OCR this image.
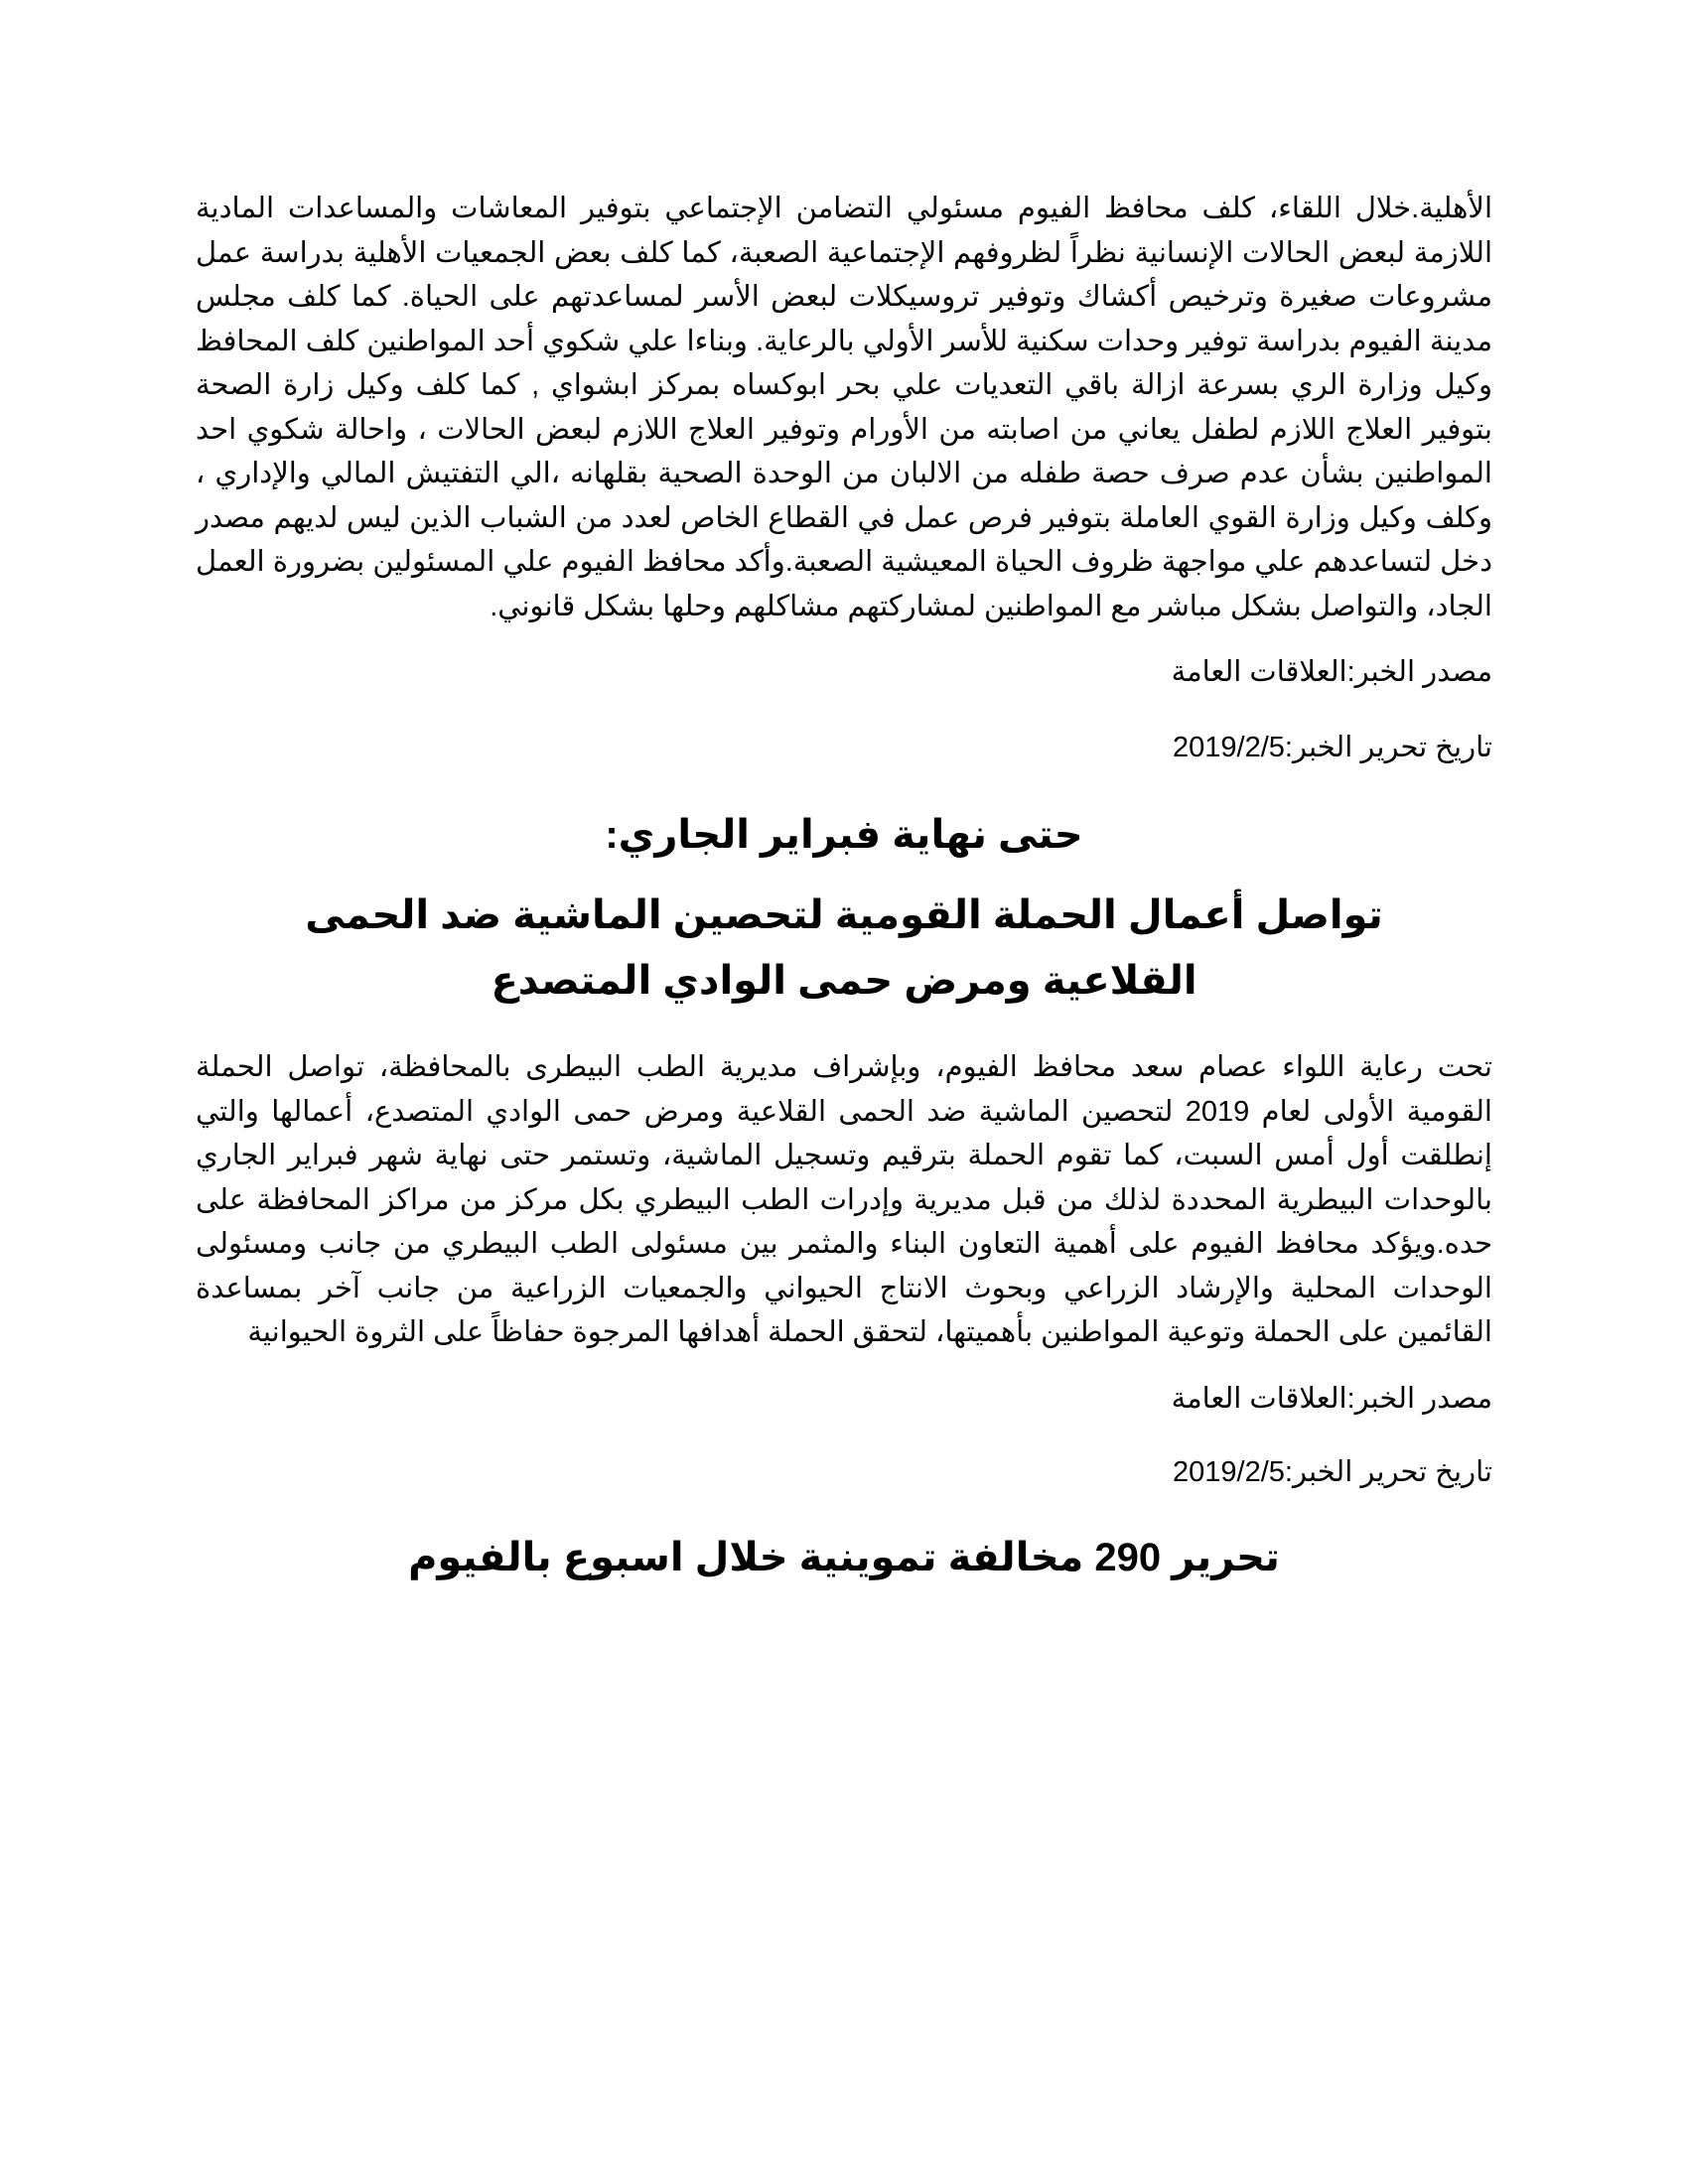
الأهلية.خلال اللقاء، كلف محافظ الفيوم مسئولي التضامن الإجتماعي بتوفير المعاشات والمساعدات المادية اللازمة لبعض الحالات الإنسانية نظراً لظروفهم الإجتماعية الصعبة، كما كلف بعض الجمعيات الأهلية بدراسة عمل مشروعات صغيرة وترخيص أكشاك وتوفير تروسيكلات لبعض الأسر لمساعدتهم على الحياة. كما كلف مجلس مدينة الفيوم بدراسة توفير وحدات سكنية للأسر الأولي بالرعاية. وبناءا علي شكوي أحد المواطنين كلف المحافظ وكيل وزارة الري بسرعة ازالة باقي التعديات علي بحر ابوكساه بمركز ابشواي , كما كلف وكيل زارة الصحة بتوفير العلاج اللازم لطفل يعاني من اصابته من الأورام وتوفير العلاج اللازم لبعض الحالات ، واحالة شكوي احد المواطنين بشأن عدم صرف حصة طفله من الالبان من الوحدة الصحية بقلهانه ،الي التفتيش المالي والإداري ، وكلف وكيل وزارة القوي العاملة بتوفير فرص عمل في القطاع الخاص لعدد من الشباب الذين ليس لديهم مصدر دخل لتساعدهم علي مواجهة ظروف الحياة المعيشية الصعبة.وأكد محافظ الفيوم علي المسئولين بضرورة العمل الجاد، والتواصل بشكل مباشر مع المواطنين لمشاركتهم مشاكلهم وحلها بشكل قانوني.

مصدر الخبر:العلاقات العامة

تاريخ تحرير الخبر:2019/2/5

حتى نهاية فبراير الجاري:
تواصل أعمال الحملة القومية لتحصين الماشية ضد الحمى القلاعية ومرض حمى الوادي المتصدع

تحت رعاية اللواء عصام سعد محافظ الفيوم، وبإشراف مديرية الطب البيطرى بالمحافظة، تواصل الحملة القومية الأولى لعام 2019 لتحصين الماشية ضد الحمى القلاعية ومرض حمى الوادي المتصدع، أعمالها والتي إنطلقت أول أمس السبت، كما تقوم الحملة بترقيم وتسجيل الماشية، وتستمر حتى نهاية شهر فبراير الجاري بالوحدات البيطرية المحددة لذلك من قبل مديرية وإدرات الطب البيطري بكل مركز من مراكز المحافظة على حده.ويؤكد محافظ الفيوم على أهمية التعاون البناء والمثمر بين مسئولى الطب البيطري من جانب ومسئولى الوحدات المحلية والإرشاد الزراعي وبحوث الانتاج الحيواني والجمعيات الزراعية من جانب آخر بمساعدة القائمين على الحملة وتوعية المواطنين بأهميتها، لتحقق الحملة أهدافها المرجوة حفاظاً على الثروة الحيوانية

مصدر الخبر:العلاقات العامة

تاريخ تحرير الخبر:2019/2/5

تحرير 290 مخالفة تموينية خلال اسبوع بالفيوم
